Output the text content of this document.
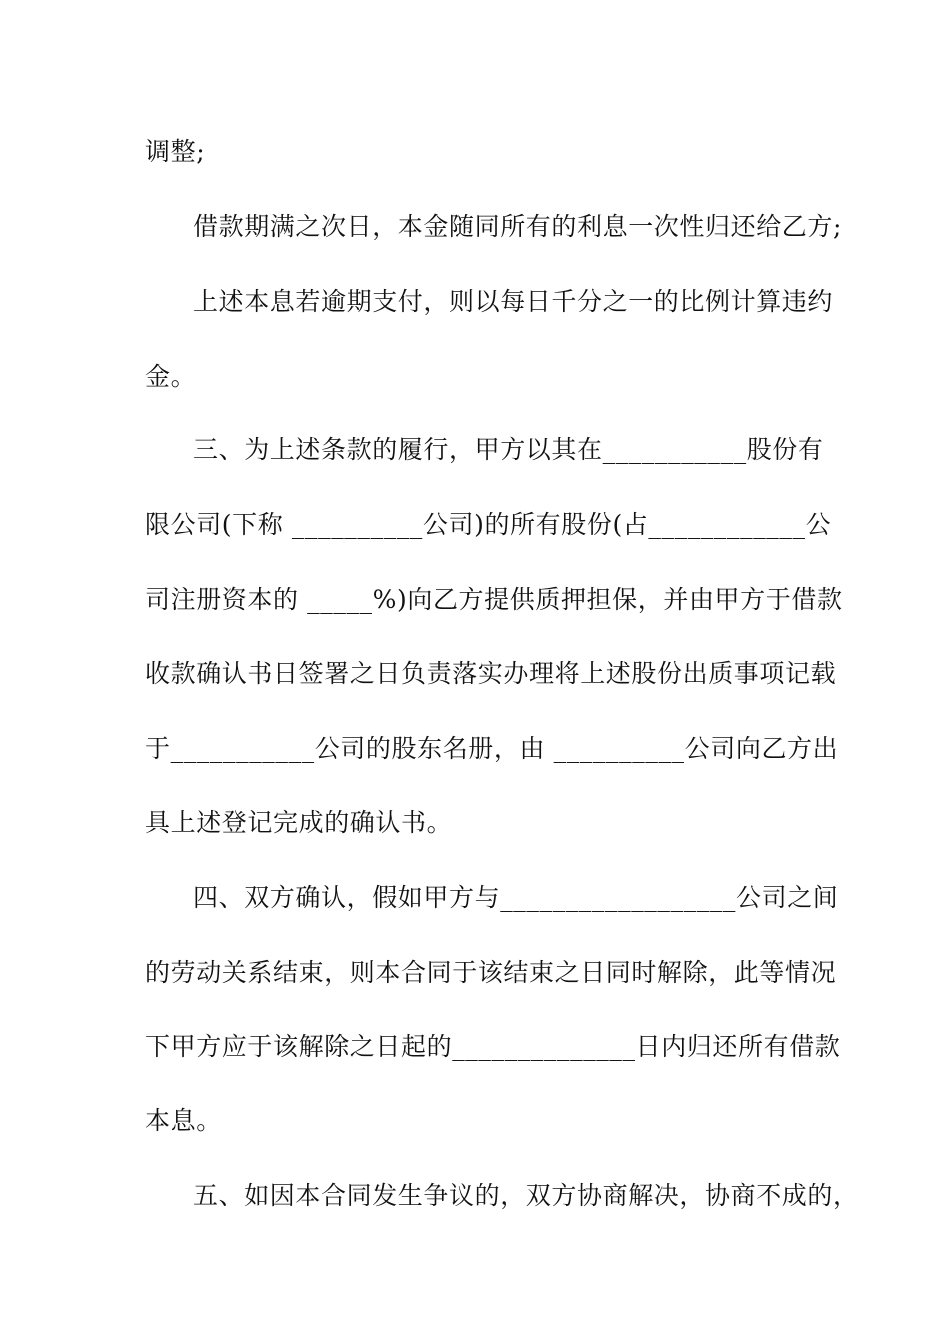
调整;
借款期满之次日，本金随同所有的利息一次性归还给乙方;
上述本息若逾期支付，则以每日千分之一的比例计算违约
金。
三、为上述条款的履行，甲方以其在___________股份有
限公司(下称 __________公司)的所有股份(占____________公
司注册资本的 _____%)向乙方提供质押担保，并由甲方于借款
收款确认书日签署之日负责落实办理将上述股份出质事项记载
于___________公司的股东名册，由 __________公司向乙方出
具上述登记完成的确认书。
四、双方确认，假如甲方与__________________公司之间
的劳动关系结束，则本合同于该结束之日同时解除，此等情况
下甲方应于该解除之日起的______________日内归还所有借款
本息。
五、如因本合同发生争议的，双方协商解决，协商不成的，
